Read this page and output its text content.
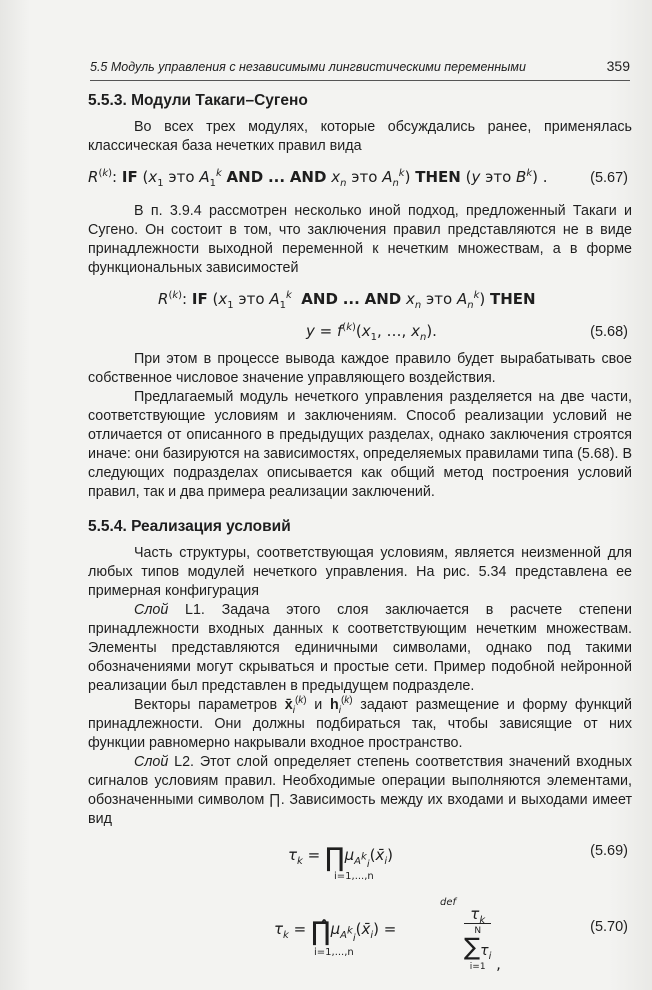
5.5 Модуль управления с независимыми лингвистическими переменными	359
5.5.3. Модули Такаги–Сугено

Во всех трех модулях, которые обсуждались ранее, применялась классическая база нечетких правил вида

$R^{(k)}$: IF ($x_1$ это $A_1^k$ AND ... AND $x_n$ это $A_n^k$) THEN (y это $B^k$) .	(5.67)

В п. 3.9.4 рассмотрен несколько иной подход, предложенный Такаги и Сугено. Он состоит в том, что заключения правил представляются не в виде принадлежности выходной переменной к нечетким множествам, а в форме функциональных зависимостей

$R^{(k)}$: IF ($x_1$ это $A_1^k$ AND ... AND $x_n$ это $A_n^k$) THEN
$y = f^{(k)}(x_1$, …, $x_n$).	(5.68)

При этом в процессе вывода каждое правило будет вырабатывать свое собственное числовое значение управляющего воздействия.

Предлагаемый модуль нечеткого управления разделяется на две части, соответствующие условиям и заключениям. Способ реализации условий не отличается от описанного в предыдущих разделах, однако заключения строятся иначе: они базируются на зависимостях, определяемых правилами типа (5.68). В следующих подразделах описывается как общий метод построения условий правил, так и два примера реализации заключений.

5.5.4. Реализация условий

Часть структуры, соответствующая условиям, является неизменной для любых типов модулей нечеткого управления. На рис. 5.34 представлена ее примерная конфигурация

Слой L1. Задача этого слоя заключается в расчете степени принадлежности входных данных к соответствующим нечетким множествам. Элементы представляются единичными символами, однако под такими обозначениями могут скрываться и простые сети. Пример подобной нейронной реализации был представлен в предыдущем подразделе.

Векторы параметров $x̄_i^{(k)}$ и $h_i^{(k)}$ задают размещение и форму функций принадлежности. Они должны подбираться так, чтобы зависящие от них функции равномерно накрывали входное пространство.

Слой L2. Этот слой определяет степень соответствия значений входных сигналов условиям правил. Необходимые операции выполняются элементами, обозначенными символом ∏. Зависимость между их входами и выходами имеет вид

$\tau_k$ = $\prod\mu_{A^k_i}(x̄_i)$
i=1,...,n
(5.69)
$\tau_k$ = $\prod̂\mu_{A^k_i}(x̄_i)$ =
def
$\tau_k$
N
$\sum\tau_i$
i=1 ,
i=1,...,n
(5.70)
